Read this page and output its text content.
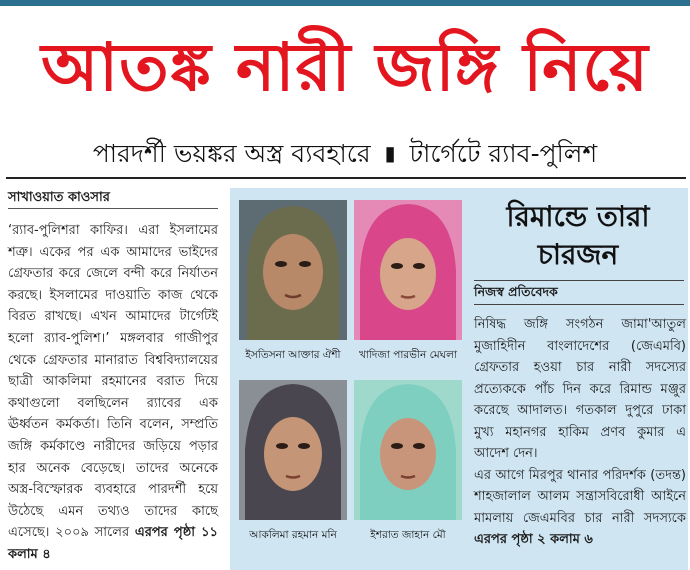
আতঙ্ক নারী জঙ্গি নিয়ে
পারদর্শী ভয়ঙ্কর অস্ত্র ব্যবহারে ▮ টার্গেটে র‍্যাব-পুলিশ
সাখাওয়াত কাওসার

‘র‍্যাব-পুলিশরা কাফির। এরা ইসলামের শত্রু। একের পর এক আমাদের ভাইদের গ্রেফতার করে জেলে বন্দী করে নির্যাতন করছে। ইসলামের দাওয়াতি কাজ থেকে বিরত রাখছে। এখন আমাদের টার্গেটই হলো র‍্যাব-পুলিশ।’ মঙ্গলবার গাজীপুর থেকে গ্রেফতার মানারাত বিশ্ববিদ্যালয়ের ছাত্রী আকলিমা রহমানের বরাত দিয়ে কথাগুলো বলছিলেন র‍্যাবের এক ঊর্ধ্বতন কর্মকর্তা। তিনি বলেন, সম্প্রতি জঙ্গি কর্মকাণ্ডে নারীদের জড়িয়ে পড়ার হার অনেক বেড়েছে। তাদের অনেকে অস্ত্র-বিস্ফোরক ব্যবহারে পারদর্শী হয়ে উঠেছে এমন তথ্যও তাদের কাছে এসেছে। ২০০৯ সালের এরপর পৃষ্ঠা ১১ কলাম ৪

ইসতিসনা আক্তার ঐশী	খাদিজা পারভীন মেঘলা
আকলিমা রহমান মনি	ইশরাত জাহান মৌ
রিমান্ডে তারা
চারজন
নিজস্ব প্রতিবেদক

নিষিদ্ধ জঙ্গি সংগঠন জামা'আতুল মুজাহিদীন বাংলাদেশের (জেএমবি) গ্রেফতার হওয়া চার নারী সদস্যের প্রত্যেককে পাঁচ দিন করে রিমান্ড মঞ্জুর করেছে আদালত। গতকাল দুপুরে ঢাকা মুখ্য মহানগর হাকিম প্রণব কুমার এ আদেশ দেন।

এর আগে মিরপুর থানার পরিদর্শক (তদন্ত) শাহজালাল আলম সন্ত্রাসবিরোধী আইনে মামলায় জেএমবির চার নারী সদস্যকে এরপর পৃষ্ঠা ২ কলাম ৬
